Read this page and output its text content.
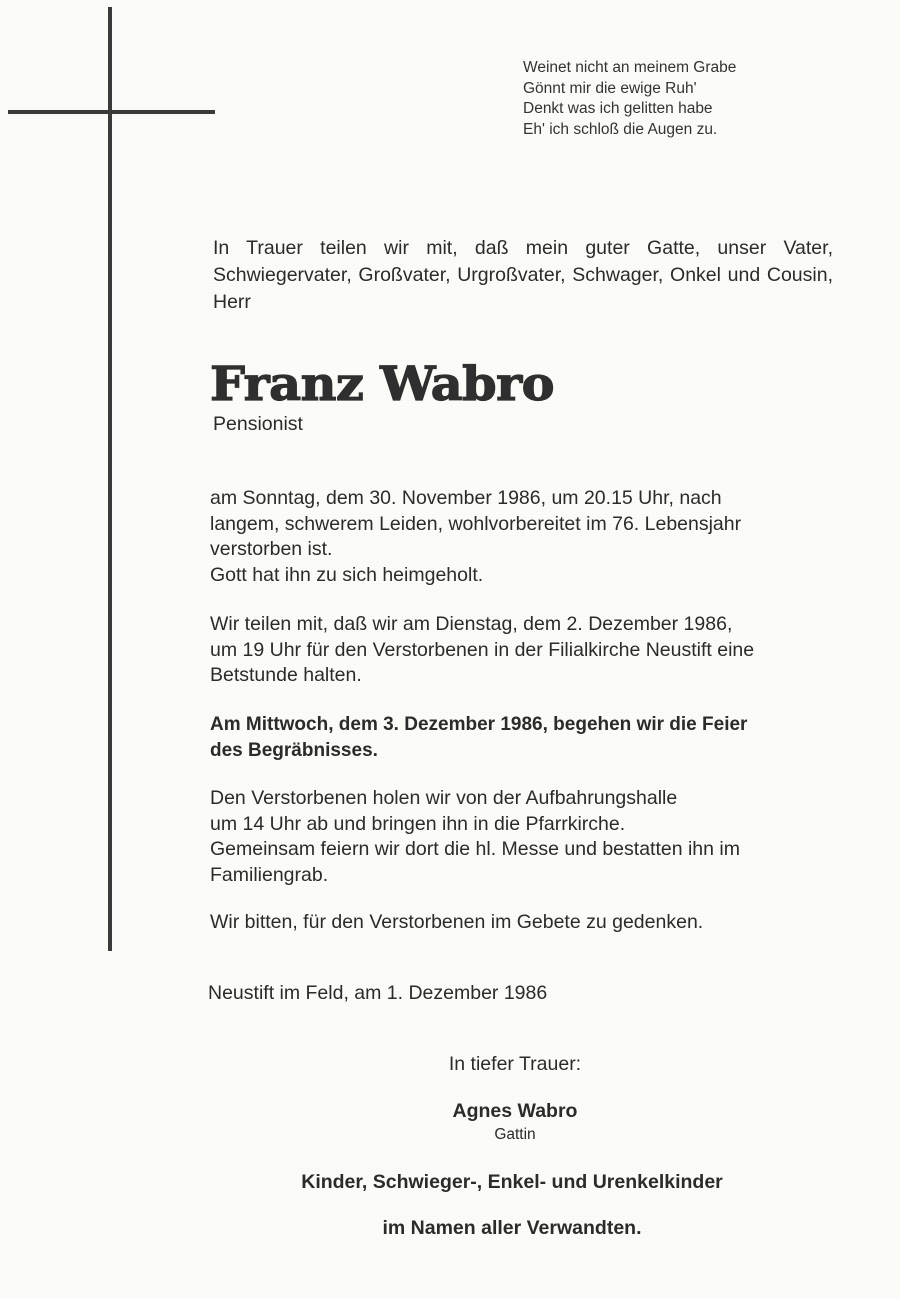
Weinet nicht an meinem Grabe
Gönnt mir die ewige Ruh'
Denkt was ich gelitten habe
Eh' ich schloß die Augen zu.
In Trauer teilen wir mit, daß mein guter Gatte, unser Vater, Schwiegervater, Großvater, Urgroßvater, Schwager, Onkel und Cousin, Herr
Franz Wabro
Pensionist
am Sonntag, dem 30. November 1986, um 20.15 Uhr, nach
langem, schwerem Leiden, wohlvorbereitet im 76. Lebensjahr
verstorben ist.
Gott hat ihn zu sich heimgeholt.
Wir teilen mit, daß wir am Dienstag, dem 2. Dezember 1986,
um 19 Uhr für den Verstorbenen in der Filialkirche Neustift eine
Betstunde halten.
Am Mittwoch, dem 3. Dezember 1986, begehen wir die Feier
des Begräbnisses.
Den Verstorbenen holen wir von der Aufbahrungshalle
um 14 Uhr ab und bringen ihn in die Pfarrkirche.
Gemeinsam feiern wir dort die hl. Messe und bestatten ihn im
Familiengrab.
Wir bitten, für den Verstorbenen im Gebete zu gedenken.
Neustift im Feld, am 1. Dezember 1986
In tiefer Trauer:
Agnes Wabro
Gattin
Kinder, Schwieger-, Enkel- und Urenkelkinder
im Namen aller Verwandten.
